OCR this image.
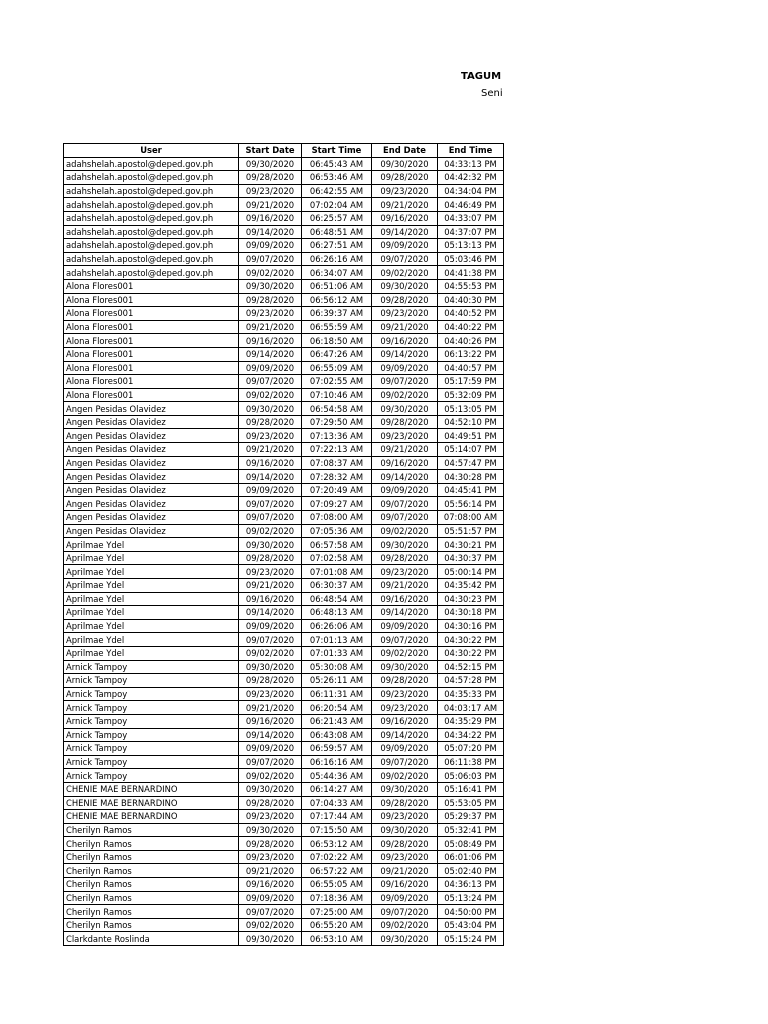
TAGUM
Seni
User	Start Date	Start Time	End Date	End Time
adahshelah.apostol@deped.gov.ph	09/30/2020	06:45:43 AM	09/30/2020	04:33:13 PM
adahshelah.apostol@deped.gov.ph	09/28/2020	06:53:46 AM	09/28/2020	04:42:32 PM
adahshelah.apostol@deped.gov.ph	09/23/2020	06:42:55 AM	09/23/2020	04:34:04 PM
adahshelah.apostol@deped.gov.ph	09/21/2020	07:02:04 AM	09/21/2020	04:46:49 PM
adahshelah.apostol@deped.gov.ph	09/16/2020	06:25:57 AM	09/16/2020	04:33:07 PM
adahshelah.apostol@deped.gov.ph	09/14/2020	06:48:51 AM	09/14/2020	04:37:07 PM
adahshelah.apostol@deped.gov.ph	09/09/2020	06:27:51 AM	09/09/2020	05:13:13 PM
adahshelah.apostol@deped.gov.ph	09/07/2020	06:26:16 AM	09/07/2020	05:03:46 PM
adahshelah.apostol@deped.gov.ph	09/02/2020	06:34:07 AM	09/02/2020	04:41:38 PM
Alona Flores001	09/30/2020	06:51:06 AM	09/30/2020	04:55:53 PM
Alona Flores001	09/28/2020	06:56:12 AM	09/28/2020	04:40:30 PM
Alona Flores001	09/23/2020	06:39:37 AM	09/23/2020	04:40:52 PM
Alona Flores001	09/21/2020	06:55:59 AM	09/21/2020	04:40:22 PM
Alona Flores001	09/16/2020	06:18:50 AM	09/16/2020	04:40:26 PM
Alona Flores001	09/14/2020	06:47:26 AM	09/14/2020	06:13:22 PM
Alona Flores001	09/09/2020	06:55:09 AM	09/09/2020	04:40:57 PM
Alona Flores001	09/07/2020	07:02:55 AM	09/07/2020	05:17:59 PM
Alona Flores001	09/02/2020	07:10:46 AM	09/02/2020	05:32:09 PM
Angen Pesidas Olavidez	09/30/2020	06:54:58 AM	09/30/2020	05:13:05 PM
Angen Pesidas Olavidez	09/28/2020	07:29:50 AM	09/28/2020	04:52:10 PM
Angen Pesidas Olavidez	09/23/2020	07:13:36 AM	09/23/2020	04:49:51 PM
Angen Pesidas Olavidez	09/21/2020	07:22:13 AM	09/21/2020	05:14:07 PM
Angen Pesidas Olavidez	09/16/2020	07:08:37 AM	09/16/2020	04:57:47 PM
Angen Pesidas Olavidez	09/14/2020	07:28:32 AM	09/14/2020	04:30:28 PM
Angen Pesidas Olavidez	09/09/2020	07:20:49 AM	09/09/2020	04:45:41 PM
Angen Pesidas Olavidez	09/07/2020	07:09:27 AM	09/07/2020	05:56:14 PM
Angen Pesidas Olavidez	09/07/2020	07:08:00 AM	09/07/2020	07:08:00 AM
Angen Pesidas Olavidez	09/02/2020	07:05:36 AM	09/02/2020	05:51:57 PM
Aprilmae Ydel	09/30/2020	06:57:58 AM	09/30/2020	04:30:21 PM
Aprilmae Ydel	09/28/2020	07:02:58 AM	09/28/2020	04:30:37 PM
Aprilmae Ydel	09/23/2020	07:01:08 AM	09/23/2020	05:00:14 PM
Aprilmae Ydel	09/21/2020	06:30:37 AM	09/21/2020	04:35:42 PM
Aprilmae Ydel	09/16/2020	06:48:54 AM	09/16/2020	04:30:23 PM
Aprilmae Ydel	09/14/2020	06:48:13 AM	09/14/2020	04:30:18 PM
Aprilmae Ydel	09/09/2020	06:26:06 AM	09/09/2020	04:30:16 PM
Aprilmae Ydel	09/07/2020	07:01:13 AM	09/07/2020	04:30:22 PM
Aprilmae Ydel	09/02/2020	07:01:33 AM	09/02/2020	04:30:22 PM
Arnick Tampoy	09/30/2020	05:30:08 AM	09/30/2020	04:52:15 PM
Arnick Tampoy	09/28/2020	05:26:11 AM	09/28/2020	04:57:28 PM
Arnick Tampoy	09/23/2020	06:11:31 AM	09/23/2020	04:35:33 PM
Arnick Tampoy	09/21/2020	06:20:54 AM	09/23/2020	04:03:17 AM
Arnick Tampoy	09/16/2020	06:21:43 AM	09/16/2020	04:35:29 PM
Arnick Tampoy	09/14/2020	06:43:08 AM	09/14/2020	04:34:22 PM
Arnick Tampoy	09/09/2020	06:59:57 AM	09/09/2020	05:07:20 PM
Arnick Tampoy	09/07/2020	06:16:16 AM	09/07/2020	06:11:38 PM
Arnick Tampoy	09/02/2020	05:44:36 AM	09/02/2020	05:06:03 PM
CHENIE MAE BERNARDINO	09/30/2020	06:14:27 AM	09/30/2020	05:16:41 PM
CHENIE MAE BERNARDINO	09/28/2020	07:04:33 AM	09/28/2020	05:53:05 PM
CHENIE MAE BERNARDINO	09/23/2020	07:17:44 AM	09/23/2020	05:29:37 PM
Cherilyn Ramos	09/30/2020	07:15:50 AM	09/30/2020	05:32:41 PM
Cherilyn Ramos	09/28/2020	06:53:12 AM	09/28/2020	05:08:49 PM
Cherilyn Ramos	09/23/2020	07:02:22 AM	09/23/2020	06:01:06 PM
Cherilyn Ramos	09/21/2020	06:57:22 AM	09/21/2020	05:02:40 PM
Cherilyn Ramos	09/16/2020	06:55:05 AM	09/16/2020	04:36:13 PM
Cherilyn Ramos	09/09/2020	07:18:36 AM	09/09/2020	05:13:24 PM
Cherilyn Ramos	09/07/2020	07:25:00 AM	09/07/2020	04:50:00 PM
Cherilyn Ramos	09/02/2020	06:55:20 AM	09/02/2020	05:43:04 PM
Clarkdante Roslinda	09/30/2020	06:53:10 AM	09/30/2020	05:15:24 PM
